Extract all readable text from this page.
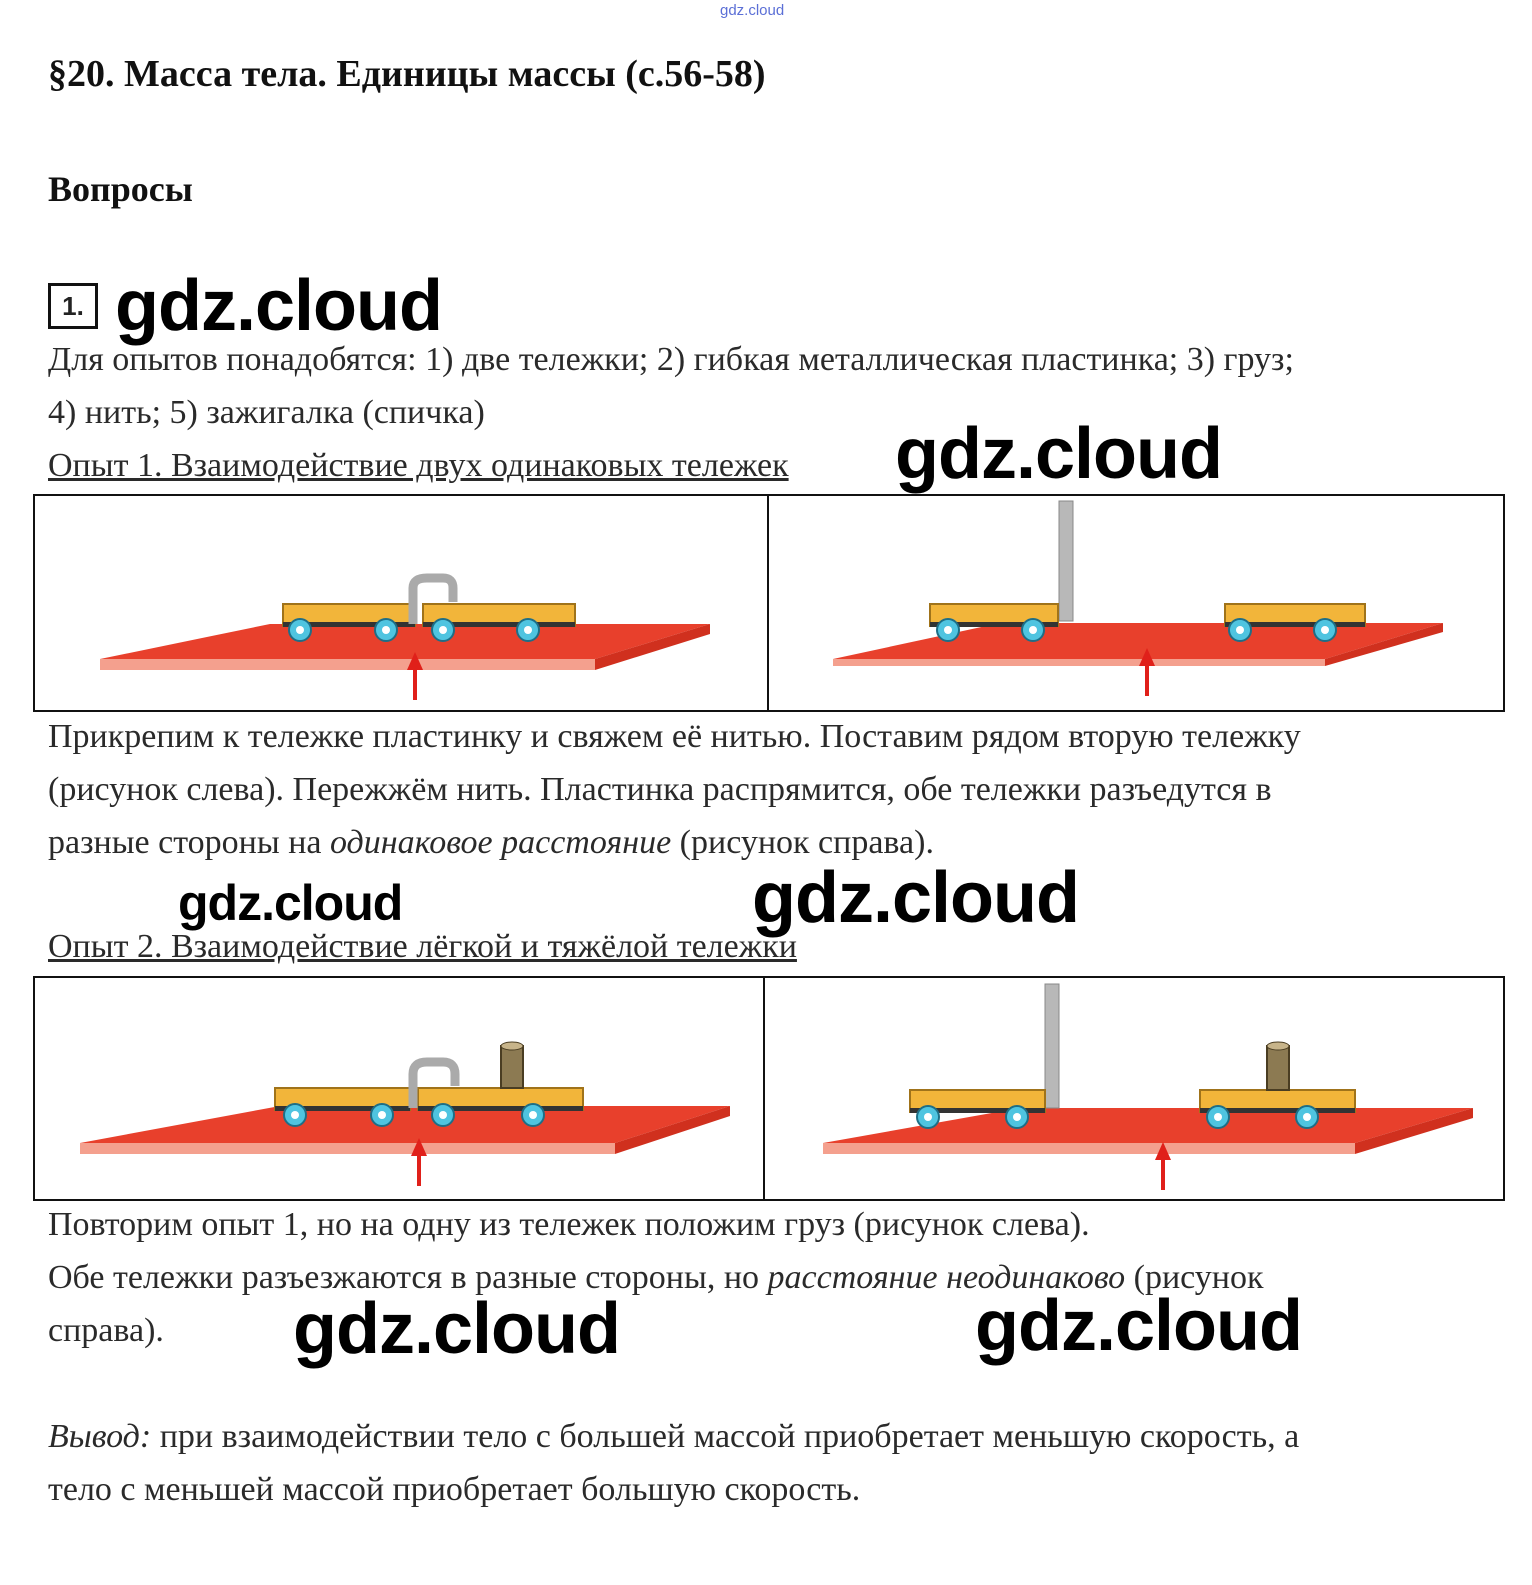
gdz.cloud
§20. Масса тела. Единицы массы (с.56-58)
Вопросы
1. gdz.cloud
Для опытов понадобятся: 1) две тележки; 2) гибкая металлическая пластинка; 3) груз;
4) нить; 5) зажигалка (спичка)
Опыт 1. Взаимодействие двух одинаковых тележек gdz.cloud
Прикрепим к тележке пластинку и свяжем её нитью. Поставим рядом вторую тележку
(рисунок слева). Пережжём нить. Пластинка распрямится, обе тележки разъедутся в
разные стороны на одинаковое расстояние (рисунок справа).
gdz.cloud	gdz.cloud
Опыт 2. Взаимодействие лёгкой и тяжёлой тележки
Повторим опыт 1, но на одну из тележек положим груз (рисунок слева).
Обе тележки разъезжаются в разные стороны, но расстояние неодинаково (рисунок
справа). gdz.cloud	gdz.cloud
Вывод: при взаимодействии тело с большей массой приобретает меньшую скорость, а
тело с меньшей массой приобретает большую скорость.
